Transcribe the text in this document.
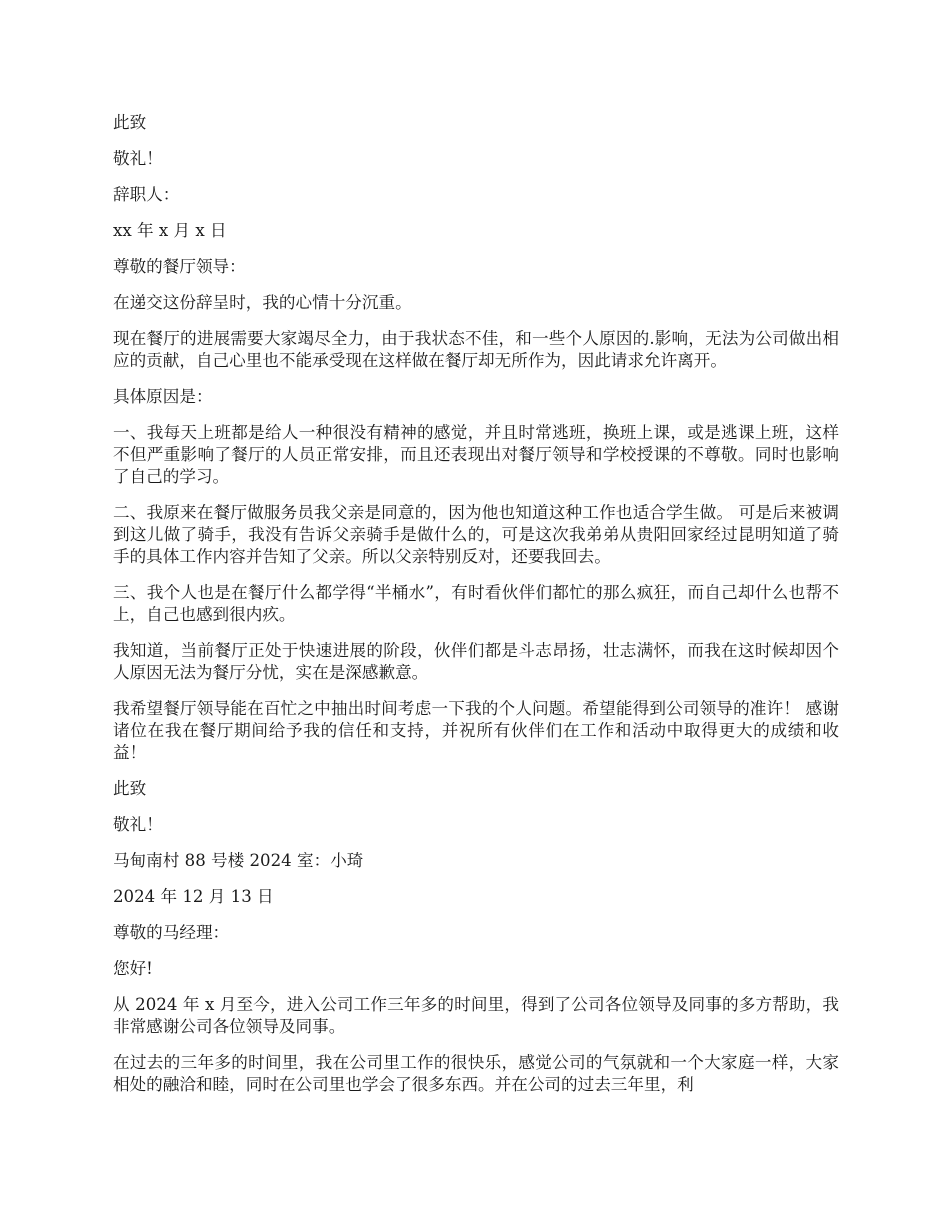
此致

敬礼！

辞职人：

xx 年 x 月 x 日

尊敬的餐厅领导：

在递交这份辞呈时，我的心情十分沉重。

现在餐厅的进展需要大家竭尽全力，由于我状态不佳，和一些个人原因的.影响，无法为公司做出相应的贡献，自己心里也不能承受现在这样做在餐厅却无所作为，因此请求允许离开。

具体原因是：

一、我每天上班都是给人一种很没有精神的感觉，并且时常逃班，换班上课，或是逃课上班，这样不但严重影响了餐厅的人员正常安排，而且还表现出对餐厅领导和学校授课的不尊敬。同时也影响了自己的学习。

二、我原来在餐厅做服务员我父亲是同意的，因为他也知道这种工作也适合学生做。 可是后来被调到这儿做了骑手，我没有告诉父亲骑手是做什么的，可是这次我弟弟从贵阳回家经过昆明知道了骑手的具体工作内容并告知了父亲。所以父亲特别反对，还要我回去。

三、我个人也是在餐厅什么都学得“半桶水”，有时看伙伴们都忙的那么疯狂，而自己却什么也帮不上，自己也感到很内疚。

我知道，当前餐厅正处于快速进展的阶段，伙伴们都是斗志昂扬，壮志满怀，而我在这时候却因个人原因无法为餐厅分忧，实在是深感歉意。

我希望餐厅领导能在百忙之中抽出时间考虑一下我的个人问题。希望能得到公司领导的准许！ 感谢诸位在我在餐厅期间给予我的信任和支持，并祝所有伙伴们在工作和活动中取得更大的成绩和收益！

此致

敬礼！

马甸南村 88 号楼 2024 室：小琦

2024 年 12 月 13 日

尊敬的马经理：

您好!

从 2024 年 x 月至今，进入公司工作三年多的时间里，得到了公司各位领导及同事的多方帮助，我非常感谢公司各位领导及同事。

在过去的三年多的时间里，我在公司里工作的很快乐，感觉公司的气氛就和一个大家庭一样，大家相处的融洽和睦，同时在公司里也学会了很多东西。并在公司的过去三年里，利
